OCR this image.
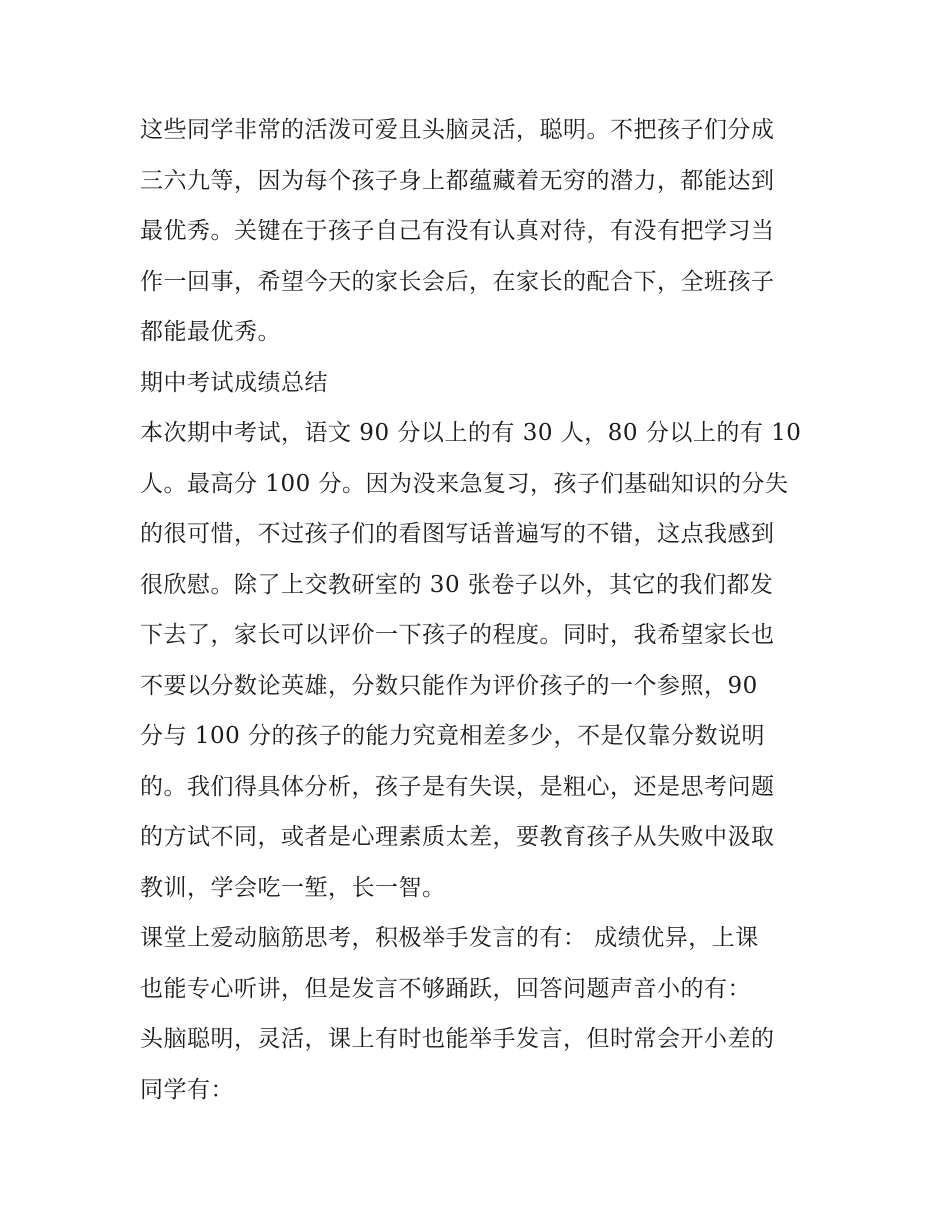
这些同学非常的活泼可爱且头脑灵活，聪明。不把孩子们分成

三六九等，因为每个孩子身上都蕴藏着无穷的潜力，都能达到

最优秀。关键在于孩子自己有没有认真对待，有没有把学习当

作一回事，希望今天的家长会后，在家长的配合下，全班孩子

都能最优秀。

期中考试成绩总结

本次期中考试，语文 90 分以上的有 30 人，80 分以上的有 10

人。最高分 100 分。因为没来急复习，孩子们基础知识的分失

的很可惜，不过孩子们的看图写话普遍写的不错，这点我感到

很欣慰。除了上交教研室的 30 张卷子以外，其它的我们都发

下去了，家长可以评价一下孩子的程度。同时，我希望家长也

不要以分数论英雄，分数只能作为评价孩子的一个参照，90

分与 100 分的孩子的能力究竟相差多少，不是仅靠分数说明

的。我们得具体分析，孩子是有失误，是粗心，还是思考问题

的方试不同，或者是心理素质太差，要教育孩子从失败中汲取

教训，学会吃一堑，长一智。

课堂上爱动脑筋思考，积极举手发言的有： 成绩优异，上课

也能专心听讲，但是发言不够踊跃，回答问题声音小的有：

头脑聪明，灵活，课上有时也能举手发言，但时常会开小差的

同学有：
